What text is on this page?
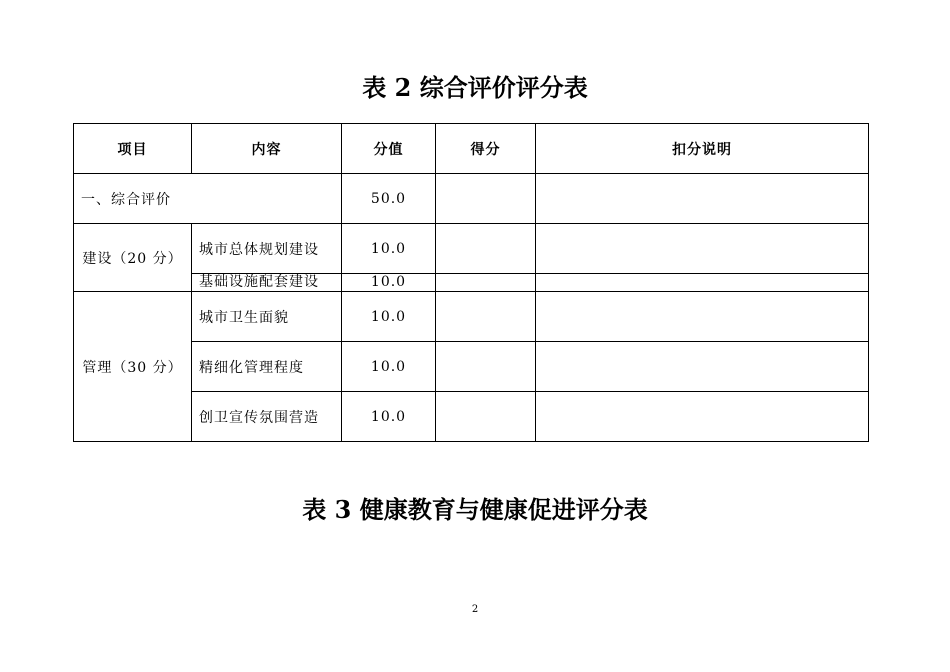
表 2 综合评价评分表
项目	内容	分值	得分	扣分说明
一、综合评价		50.0		
建设（20 分）	城市总体规划建设	10.0		
	基础设施配套建设	10.0		
管理（30 分）	城市卫生面貌	10.0		
	精细化管理程度	10.0		
	创卫宣传氛围营造	10.0		
表 3 健康教育与健康促进评分表
2
